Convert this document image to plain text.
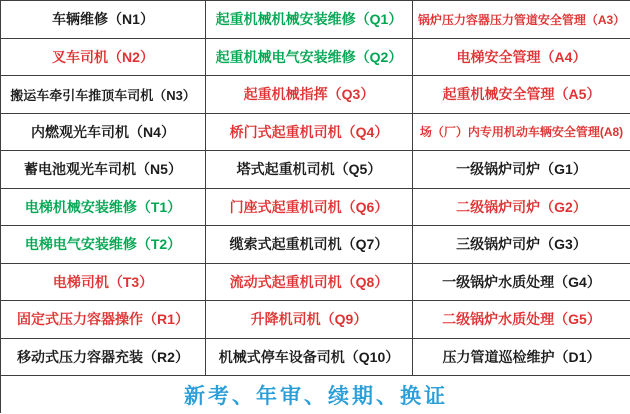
车辆维修（N1）	起重机械机械安装维修（Q1）	锅炉压力容器压力管道安全管理（A3）
叉车司机（N2）	起重机械电气安装维修（Q2）	电梯安全管理（A4）
搬运车牵引车推顶车司机（N3）	起重机械指挥（Q3）	起重机械安全管理（A5）
内燃观光车司机（N4）	桥门式起重机司机（Q4）	场（厂）内专用机动车辆安全管理(A8)
蓄电池观光车司机（N5）	塔式起重机司机（Q5）	一级锅炉司炉（G1）
电梯机械安装维修（T1）	门座式起重机司机（Q6）	二级锅炉司炉（G2）
电梯电气安装维修（T2）	缆索式起重机司机（Q7）	三级锅炉司炉（G3）
电梯司机（T3）	流动式起重机司机（Q8）	一级锅炉水质处理（G4）
固定式压力容器操作（R1）	升降机司机（Q9）	二级锅炉水质处理（G5）
移动式压力容器充装（R2）	机械式停车设备司机（Q10）	压力管道巡检维护（D1）
新考、年审、续期、换证
